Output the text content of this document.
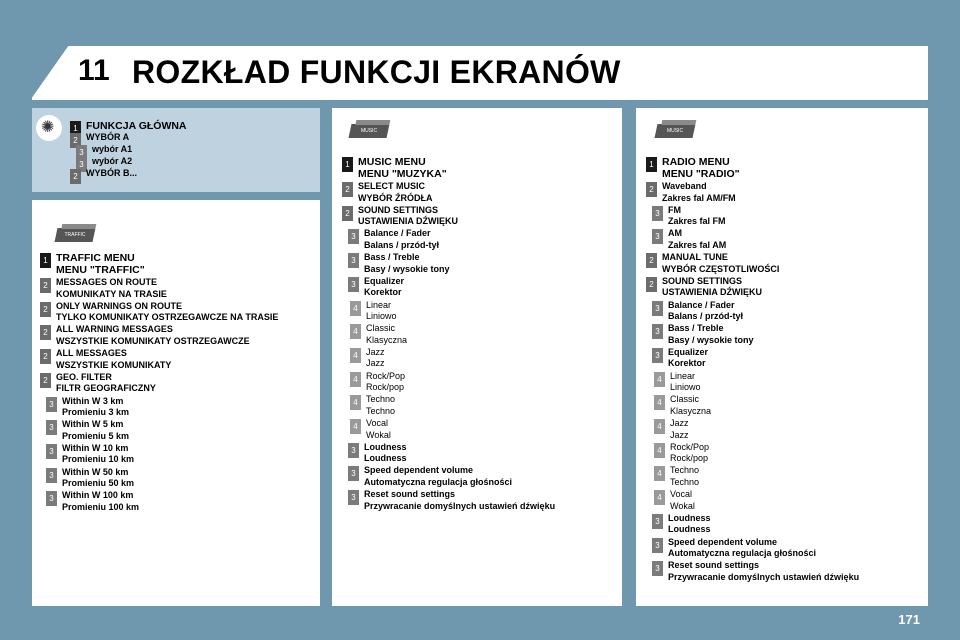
11 ROZKŁAD FUNKCJI EKRANÓW
✺
1 FUNKCJA GŁÓWNA
2 WYBÓR A
3 wybór A1
3 wybór A2
2 WYBÓR B...
TRAFFIC
1 TRAFFIC MENU
MENU "TRAFFIC"
2 MESSAGES ON ROUTE
KOMUNIKATY NA TRASIE
2 ONLY WARNINGS ON ROUTE
TYLKO KOMUNIKATY OSTRZEGAWCZE NA TRASIE
2 ALL WARNING MESSAGES
WSZYSTKIE KOMUNIKATY OSTRZEGAWCZE
2 ALL MESSAGES
WSZYSTKIE KOMUNIKATY
2 GEO. FILTER
FILTR GEOGRAFICZNY
3 Within W 3 km
Promieniu 3 km
3 Within W 5 km
Promieniu 5 km
3 Within W 10 km
Promieniu 10 km
3 Within W 50 km
Promieniu 50 km
3 Within W 100 km
Promieniu 100 km
MUSIC
1 MUSIC MENU
MENU "MUZYKA"
2 SELECT MUSIC
WYBÓR ŹRÓDŁA
2 SOUND SETTINGS
USTAWIENIA DŹWIĘKU
3 Balance / Fader
Balans / przód-tył
3 Bass / Treble
Basy / wysokie tony
3 Equalizer
Korektor
4 Linear
Liniowo
4 Classic
Klasyczna
4 Jazz
Jazz
4 Rock/Pop
Rock/pop
4 Techno
Techno
4 Vocal
Wokal
3 Loudness
Loudness
3 Speed dependent volume
Automatyczna regulacja głośności
3 Reset sound settings
Przywracanie domyślnych ustawień dźwięku
MUSIC
1 RADIO MENU
MENU "RADIO"
2 Waveband
Zakres fal AM/FM
3 FM
Zakres fal FM
3 AM
Zakres fal AM
2 MANUAL TUNE
WYBÓR CZĘSTOTLIWOŚCI
2 SOUND SETTINGS
USTAWIENIA DŹWIĘKU
3 Balance / Fader
Balans / przód-tył
3 Bass / Treble
Basy / wysokie tony
3 Equalizer
Korektor
4 Linear
Liniowo
4 Classic
Klasyczna
4 Jazz
Jazz
4 Rock/Pop
Rock/pop
4 Techno
Techno
4 Vocal
Wokal
3 Loudness
Loudness
3 Speed dependent volume
Automatyczna regulacja głośności
3 Reset sound settings
Przywracanie domyślnych ustawień dźwięku
171
